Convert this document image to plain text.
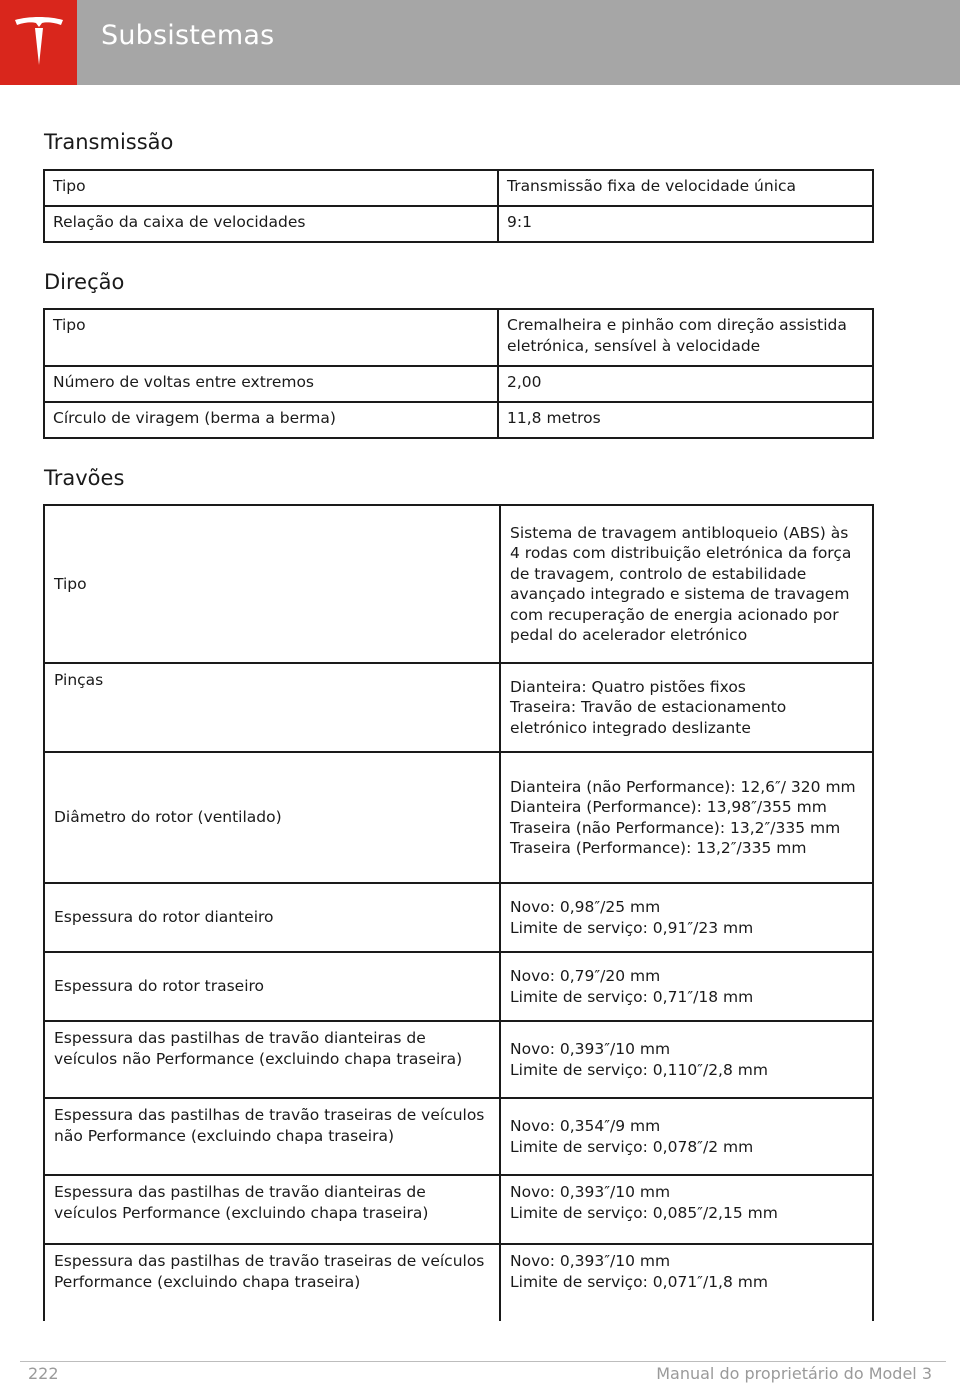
Subsistemas
Transmissão
Tipo	Transmissão fixa de velocidade única
Relação da caixa de velocidades	9:1
Direção
Tipo	Cremalheira e pinhão com direção assistida eletrónica, sensível à velocidade
Número de voltas entre extremos	2,00
Círculo de viragem (berma a berma)	11,8 metros
Travões
Tipo	Sistema de travagem antibloqueio (ABS) às 4 rodas com distribuição eletrónica da força de travagem, controlo de estabilidade avançado integrado e sistema de travagem com recuperação de energia acionado por pedal do acelerador eletrónico
Pinças	Dianteira: Quatro pistões fixos
Traseira: Travão de estacionamento eletrónico integrado deslizante

Diâmetro do rotor (ventilado)	Dianteira (não Performance): 12,6″/ 320 mm
Dianteira (Performance): 13,98″/355 mm
Traseira (não Performance): 13,2″/335 mm
Traseira (Performance): 13,2″/335 mm

Espessura do rotor dianteiro	Novo: 0,98″/25 mm
Limite de serviço: 0,91″/23 mm

Espessura do rotor traseiro	Novo: 0,79″/20 mm
Limite de serviço: 0,71″/18 mm

Espessura das pastilhas de travão dianteiras de veículos não Performance (excluindo chapa traseira)	Novo: 0,393″/10 mm
Limite de serviço: 0,110″/2,8 mm

Espessura das pastilhas de travão traseiras de veículos não Performance (excluindo chapa traseira)	Novo: 0,354″/9 mm
Limite de serviço: 0,078″/2 mm

Espessura das pastilhas de travão dianteiras de veículos Performance (excluindo chapa traseira)	Novo: 0,393″/10 mm
Limite de serviço: 0,085″/2,15 mm

Espessura das pastilhas de travão traseiras de veículos Performance (excluindo chapa traseira)	Novo: 0,393″/10 mm
Limite de serviço: 0,071″/1,8 mm
222	Manual do proprietário do Model 3
